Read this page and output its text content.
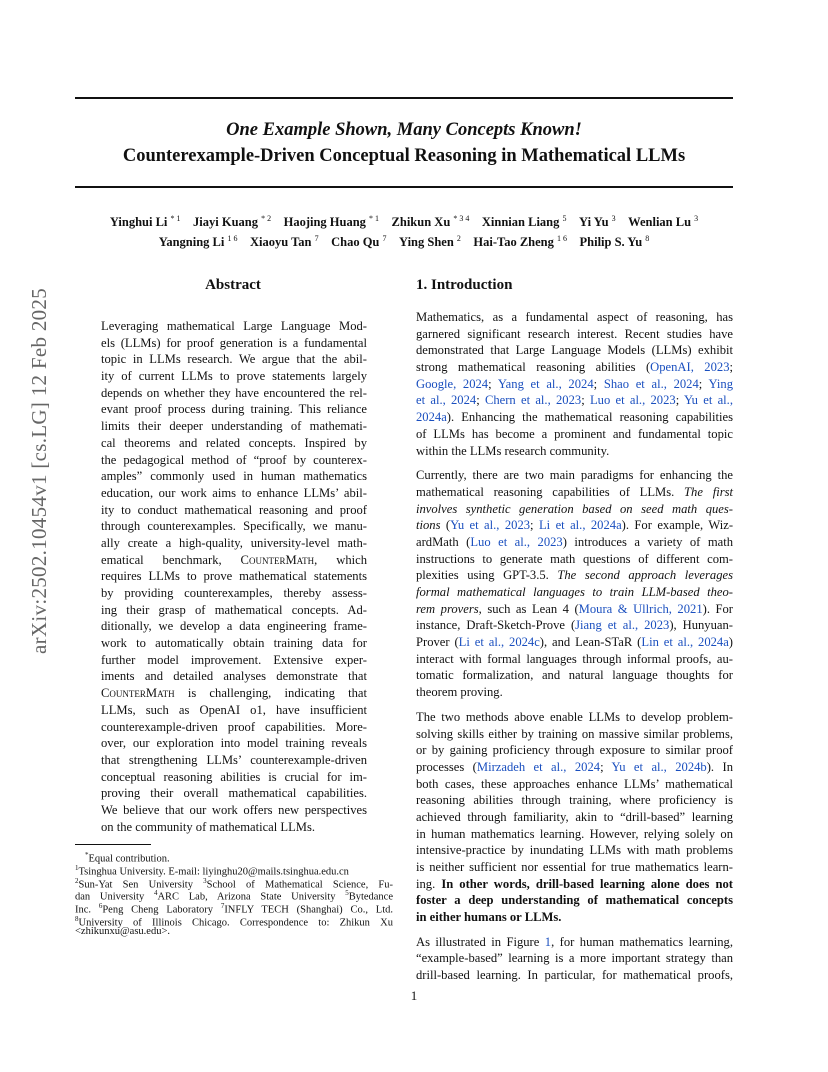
arXiv:2502.10454v1 [cs.LG] 12 Feb 2025
One Example Shown, Many Concepts Known!
Counterexample-Driven Conceptual Reasoning in Mathematical LLMs
Yinghui Li $^{* 1}$  Jiayi Kuang $^{* 2}$  Haojing Huang $^{* 1}$  Zhikun Xu $^{* 3 4}$  Xinnian Liang $^5$  Yi Yu $^3$  Wenlian Lu $^3$
Yangning Li $^{1 6}$  Xiaoyu Tan $^7$  Chao Qu $^7$  Ying Shen $^2$  Hai-Tao Zheng $^{1 6}$  Philip S. Yu $^8$
Abstract	1. Introduction
Leveraging mathematical Large Language Mod-
els (LLMs) for proof generation is a fundamental
topic in LLMs research. We argue that the abil-
ity of current LLMs to prove statements largely
depends on whether they have encountered the rel-
evant proof process during training. This reliance
limits their deeper understanding of mathemati-
cal theorems and related concepts. Inspired by
the pedagogical method of “proof by counterex-
amples” commonly used in human mathematics
education, our work aims to enhance LLMs’ abil-
ity to conduct mathematical reasoning and proof
through counterexamples. Specifically, we manu-
ally create a high-quality, university-level math-
ematical benchmark, CounterMath, which
requires LLMs to prove mathematical statements
by providing counterexamples, thereby assess-
ing their grasp of mathematical concepts. Ad-
ditionally, we develop a data engineering frame-
work to automatically obtain training data for
further model improvement. Extensive exper-
iments and detailed analyses demonstrate that
CounterMath is challenging, indicating that
LLMs, such as OpenAI o1, have insufficient
counterexample-driven proof capabilities. More-
over, our exploration into model training reveals
that strengthening LLMs’ counterexample-driven
conceptual reasoning abilities is crucial for im-
proving their overall mathematical capabilities.
We believe that our work offers new perspectives
on the community of mathematical LLMs.
Mathematics, as a fundamental aspect of reasoning, has
garnered significant research interest. Recent studies have
demonstrated that Large Language Models (LLMs) exhibit
strong mathematical reasoning abilities (OpenAI, 2023;
Google, 2024; Yang et al., 2024; Shao et al., 2024; Ying
et al., 2024; Chern et al., 2023; Luo et al., 2023; Yu et al.,
2024a). Enhancing the mathematical reasoning capabilities
of LLMs has become a prominent and fundamental topic
within the LLMs research community.
Currently, there are two main paradigms for enhancing the
mathematical reasoning capabilities of LLMs. The first
involves synthetic generation based on seed math ques-
tions (Yu et al., 2023; Li et al., 2024a). For example, Wiz-
ardMath (Luo et al., 2023) introduces a variety of math
instructions to generate math questions of different com-
plexities using GPT-3.5. The second approach leverages
formal mathematical languages to train LLM-based theo-
rem provers, such as Lean 4 (Moura & Ullrich, 2021). For
instance, Draft-Sketch-Prove (Jiang et al., 2023), Hunyuan-
Prover (Li et al., 2024c), and Lean-STaR (Lin et al., 2024a)
interact with formal languages through informal proofs, au-
tomatic formalization, and natural language thoughts for
theorem proving.
The two methods above enable LLMs to develop problem-
solving skills either by training on massive similar problems,
or by gaining proficiency through exposure to similar proof
processes (Mirzadeh et al., 2024; Yu et al., 2024b). In
both cases, these approaches enhance LLMs’ mathematical
reasoning abilities through training, where proficiency is
achieved through familiarity, akin to “drill-based” learning
in human mathematics learning. However, relying solely on
intensive-practice by inundating LLMs with math problems
is neither sufficient nor essential for true mathematics learn-
ing. In other words, drill-based learning alone does not
foster a deep understanding of mathematical concepts
in either humans or LLMs.
As illustrated in Figure 1, for human mathematics learning,
“example-based” learning is a more important strategy than
drill-based learning. In particular, for mathematical proofs,
*Equal contribution.
$^1$Tsinghua University. E-mail: liyinghu20@mails.tsinghua.edu.cn
$^2$Sun-Yat Sen University $^3$School of Mathematical Science, Fu-
dan University $^4$ARC Lab, Arizona State University $^5$Bytedance
Inc. $^6$Peng Cheng Laboratory $^7$INFLY TECH (Shanghai) Co., Ltd.
$^8$University of Illinois Chicago. Correspondence to: Zhikun Xu
<zhikunxu@asu.edu>.
1
